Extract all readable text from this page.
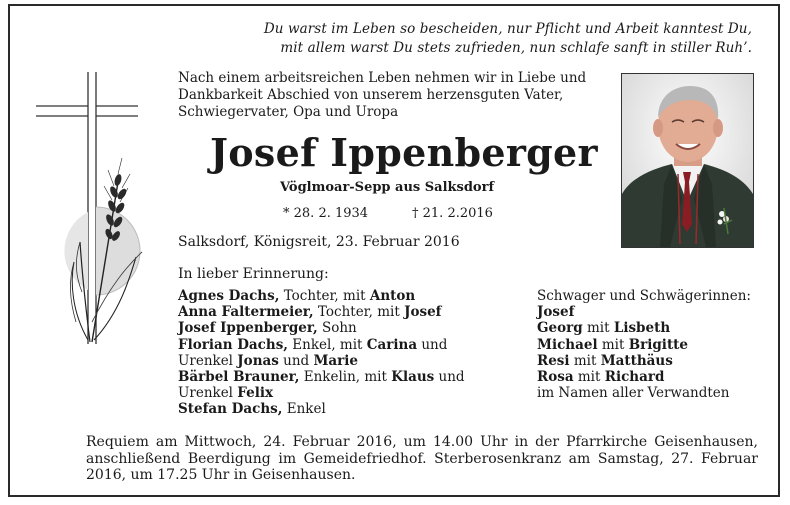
Du warst im Leben so bescheiden, nur Pflicht und Arbeit kanntest Du,
mit allem warst Du stets zufrieden, nun schlafe sanft in stiller Ruh’.
Nach einem arbeitsreichen Leben nehmen wir in Liebe und
Dankbarkeit Abschied von unserem herzensguten Vater,
Schwiegervater, Opa und Uropa
Josef Ippenberger
Vöglmoar-Sepp aus Salksdorf
* 28. 2. 1934	† 21. 2.2016
Salksdorf, Königsreit, 23. Februar 2016
In lieber Erinnerung:
Agnes Dachs, Tochter, mit Anton
Anna Faltermeier, Tochter, mit Josef
Josef Ippenberger, Sohn
Florian Dachs, Enkel, mit Carina und
Urenkel Jonas und Marie
Bärbel Brauner, Enkelin, mit Klaus und
Urenkel Felix
Stefan Dachs, Enkel
Schwager und Schwägerinnen:
Josef
Georg mit Lisbeth
Michael mit Brigitte
Resi mit Matthäus
Rosa mit Richard
im Namen aller Verwandten
Requiem am Mittwoch, 24. Februar 2016, um 14.00 Uhr in der Pfarrkirche Geisenhausen, anschließend Beerdigung im Gemeidefriedhof. Sterberosenkranz am Samstag, 27. Februar 2016, um 17.25 Uhr in Geisenhausen.
